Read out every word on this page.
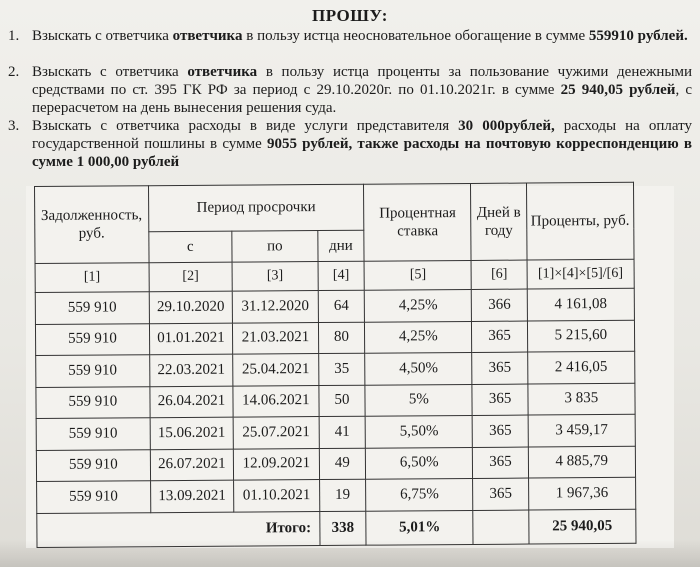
ПРОШУ:
1. Взыскать с ответчика ответчика в пользу истца неосновательное обогащение в сумме 559910 рублей.
2. Взыскать с ответчика ответчика в пользу истца проценты за пользование чужими денежными средствами по ст. 395 ГК РФ за период с 29.10.2020г. по 01.10.2021г. в сумме 25 940,05 рублей, с перерасчетом на день вынесения решения суда.
3. Взыскать с ответчика расходы в виде услуги представителя 30 000рублей, расходы на оплату государственной пошлины в сумме 9055 рублей, также расходы на почтовую корреспонденцию в сумме 1 000,00 рублей
Задолженность, руб.	Период просрочки			Процентная ставка	Дней в году	Проценты, руб.
	с	по	дни			
[1]	[2]	[3]	[4]	[5]	[6]	[1]×[4]×[5]/[6]
559 910	29.10.2020	31.12.2020	64	4,25%	366	4 161,08
559 910	01.01.2021	21.03.2021	80	4,25%	365	5 215,60
559 910	22.03.2021	25.04.2021	35	4,50%	365	2 416,05
559 910	26.04.2021	14.06.2021	50	5%	365	3 835
559 910	15.06.2021	25.07.2021	41	5,50%	365	3 459,17
559 910	26.07.2021	12.09.2021	49	6,50%	365	4 885,79
559 910	13.09.2021	01.10.2021	19	6,75%	365	1 967,36
Итого:			338	5,01%		25 940,05
